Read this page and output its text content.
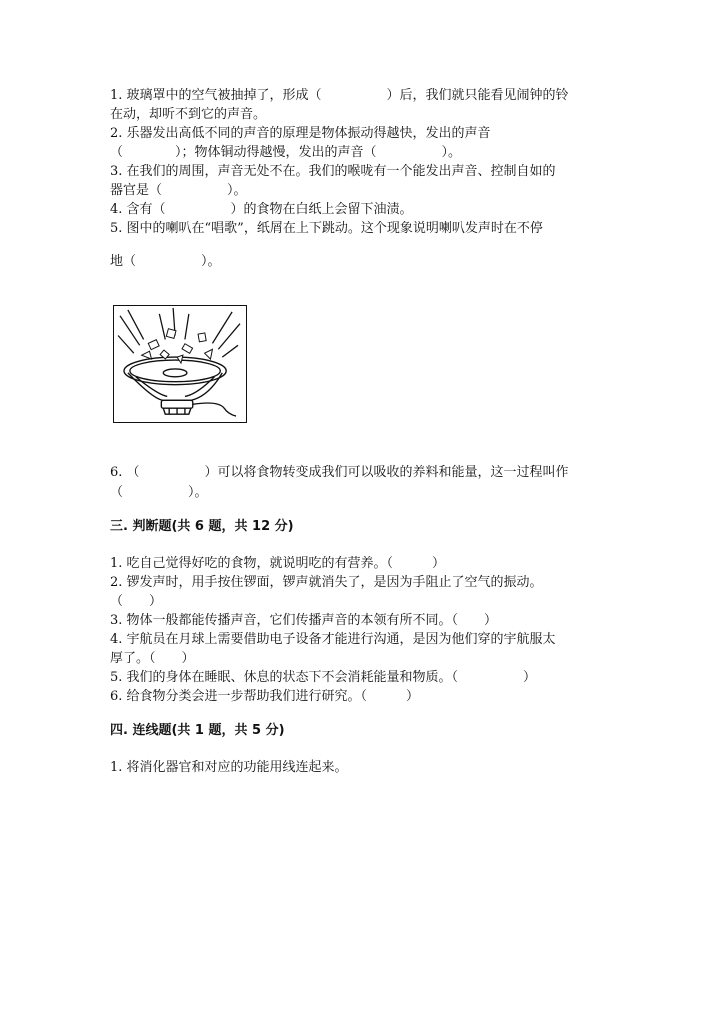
1. 玻璃罩中的空气被抽掉了，形成（　　　　　）后，我们就只能看见闹钟的铃
在动，却听不到它的声音。
2. 乐器发出高低不同的声音的原理是物体振动得越快，发出的声音
（　　　　）；物体铜动得越慢，发出的声音（　　　　　）。
3. 在我们的周围，声音无处不在。我们的喉咙有一个能发出声音、控制自如的
器官是（　　　　　）。
4. 含有（　　　　　）的食物在白纸上会留下油渍。
5. 图中的喇叭在“唱歌”，纸屑在上下跳动。这个现象说明喇叭发声时在不停
地（　　　　　）。
6. （　　　　　）可以将食物转变成我们可以吸收的养料和能量，这一过程叫作
（　　　　　）。
三. 判断题(共 6 题，共 12 分)
1. 吃自己觉得好吃的食物，就说明吃的有营养。（　　　）
2. 锣发声时，用手按住锣面，锣声就消失了，是因为手阻止了空气的振动。
（　　）
3. 物体一般都能传播声音，它们传播声音的本领有所不同。（　　）
4. 宇航员在月球上需要借助电子设备才能进行沟通，是因为他们穿的宇航服太
厚了。（　　）
5. 我们的身体在睡眠、休息的状态下不会消耗能量和物质。（　　　　　）
6. 给食物分类会进一步帮助我们进行研究。（　　　）
四. 连线题(共 1 题，共 5 分)
1. 将消化器官和对应的功能用线连起来。
